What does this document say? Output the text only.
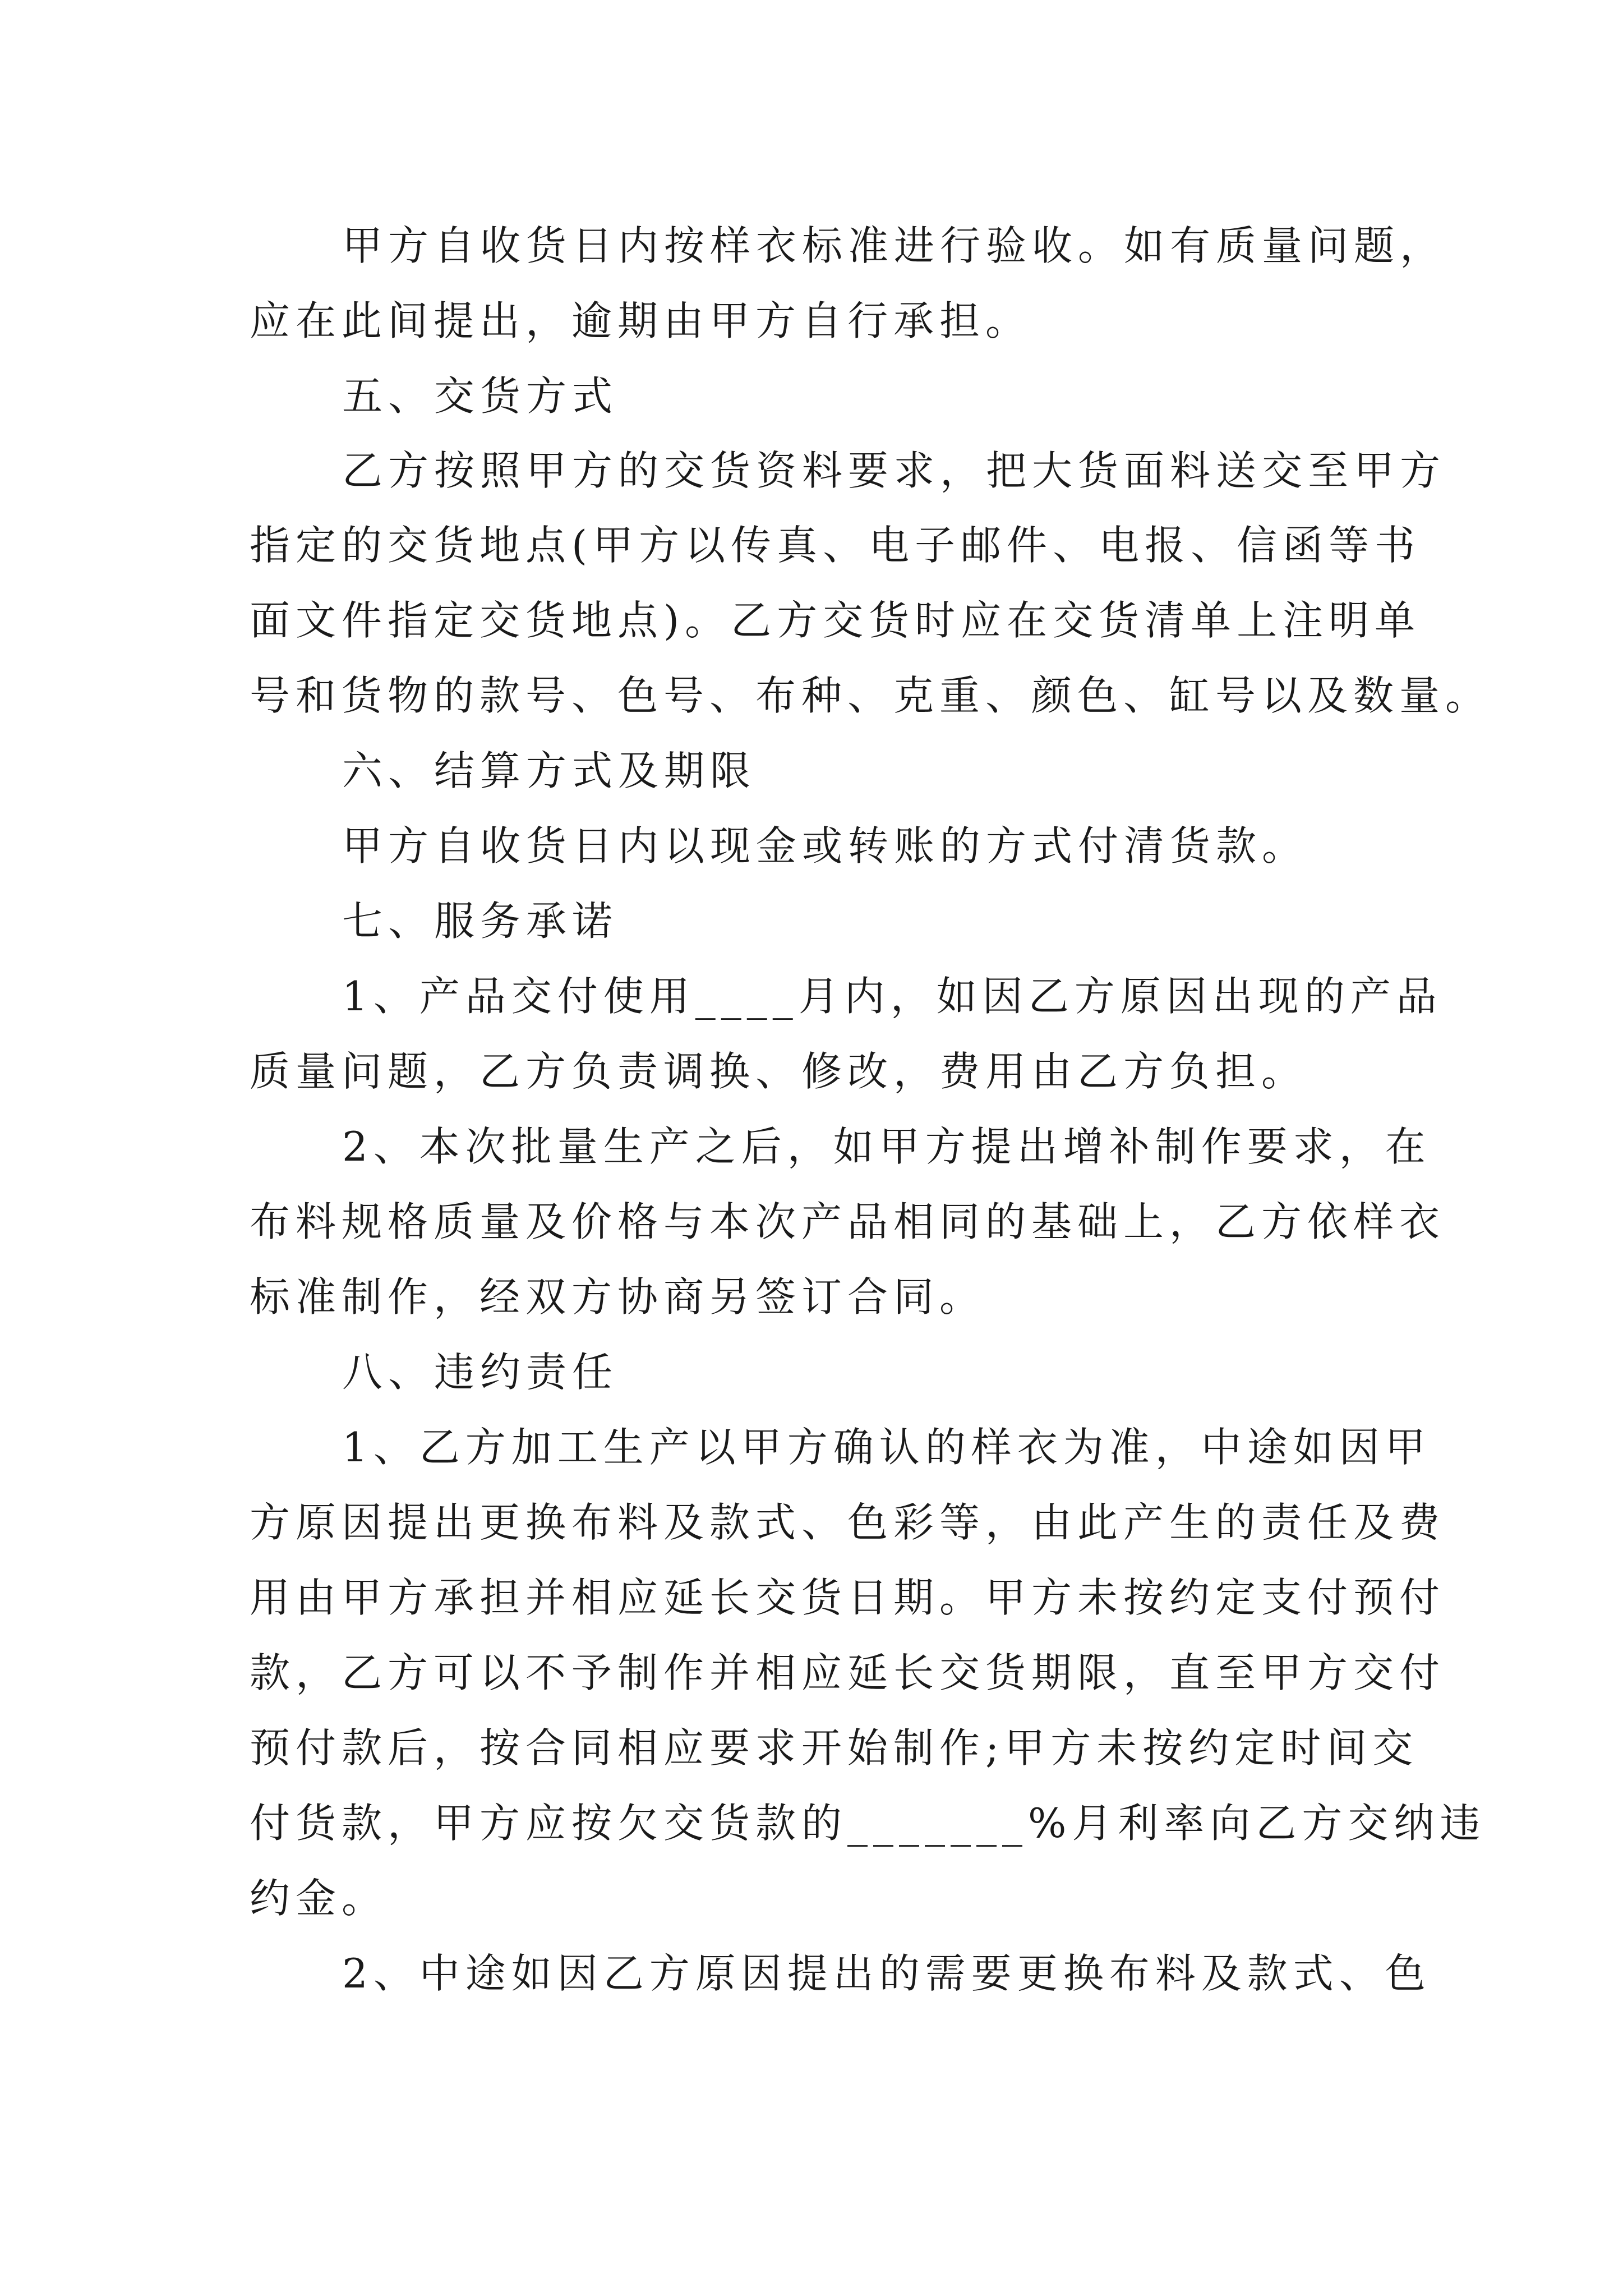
甲方自收货日内按样衣标准进行验收。如有质量问题，
应在此间提出，逾期由甲方自行承担。
五、交货方式
乙方按照甲方的交货资料要求，把大货面料送交至甲方
指定的交货地点(甲方以传真、电子邮件、电报、信函等书
面文件指定交货地点)。乙方交货时应在交货清单上注明单
号和货物的款号、色号、布种、克重、颜色、缸号以及数量。
六、结算方式及期限
甲方自收货日内以现金或转账的方式付清货款。
七、服务承诺
1、产品交付使用____月内，如因乙方原因出现的产品
质量问题，乙方负责调换、修改，费用由乙方负担。
2、本次批量生产之后，如甲方提出增补制作要求，在
布料规格质量及价格与本次产品相同的基础上，乙方依样衣
标准制作，经双方协商另签订合同。
八、违约责任
1、乙方加工生产以甲方确认的样衣为准，中途如因甲
方原因提出更换布料及款式、色彩等，由此产生的责任及费
用由甲方承担并相应延长交货日期。甲方未按约定支付预付
款，乙方可以不予制作并相应延长交货期限，直至甲方交付
预付款后，按合同相应要求开始制作;甲方未按约定时间交
付货款，甲方应按欠交货款的_______%月利率向乙方交纳违
约金。
2、中途如因乙方原因提出的需要更换布料及款式、色
